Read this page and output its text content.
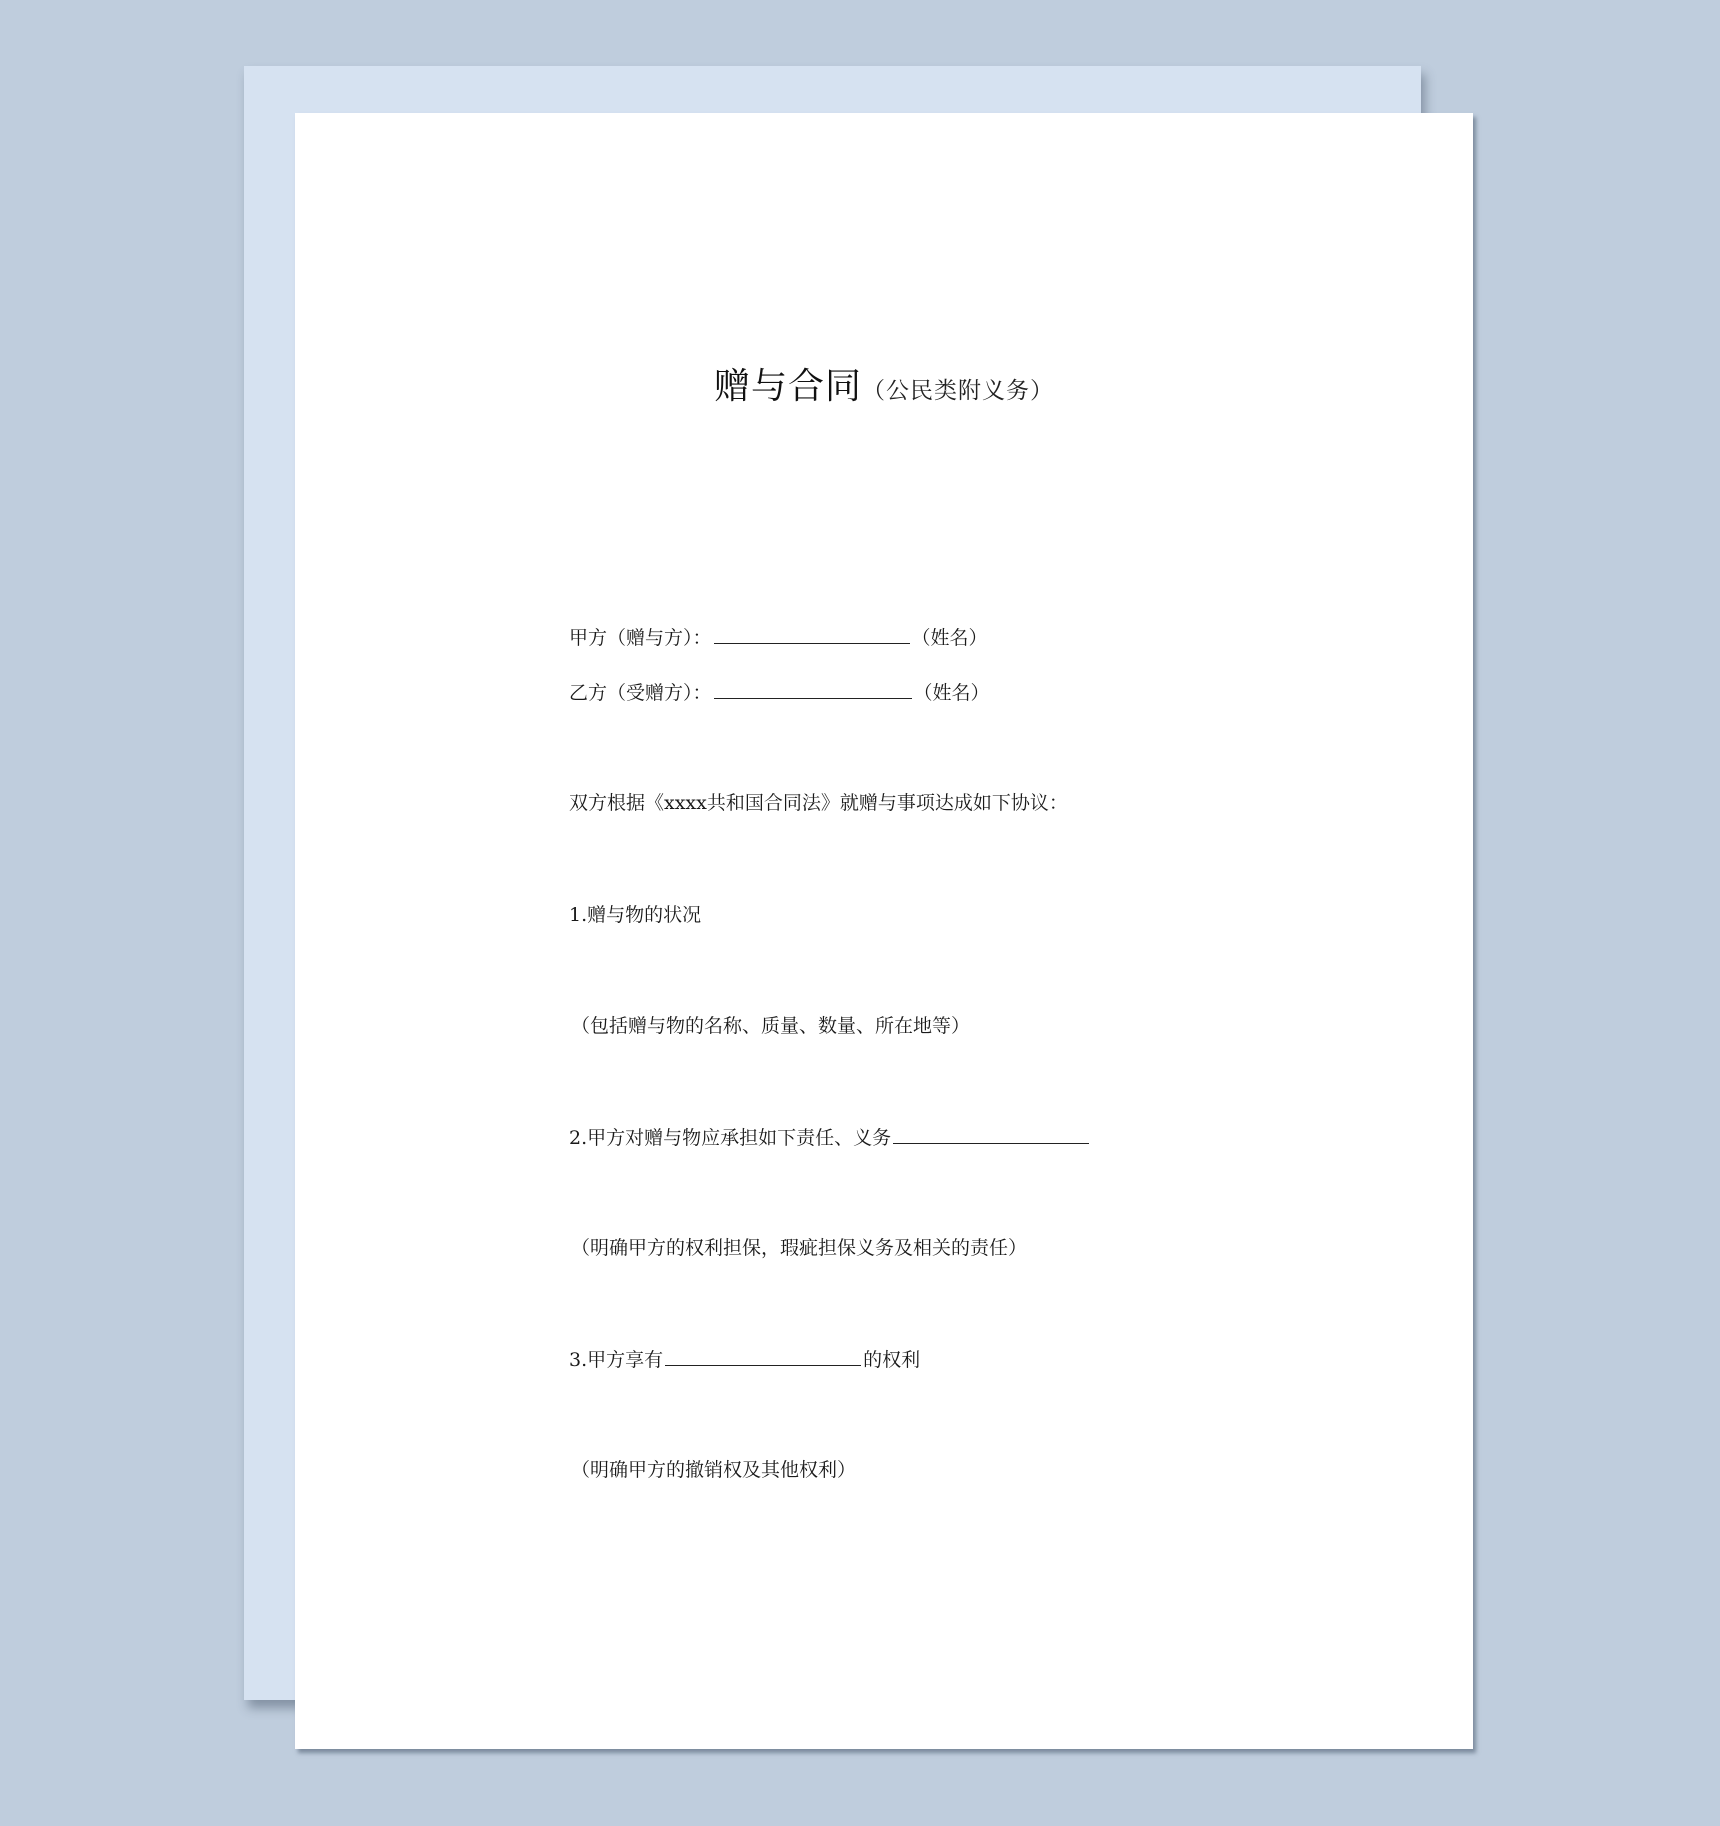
赠与合同（公民类附义务）
甲方（赠与方）：	（姓名）
乙方（受赠方）：	（姓名）
双方根据《xxxx共和国合同法》就赠与事项达成如下协议：
1.赠与物的状况
（包括赠与物的名称、质量、数量、所在地等）
2.甲方对赠与物应承担如下责任、义务
（明确甲方的权利担保，瑕疵担保义务及相关的责任）
3.甲方享有	的权利
（明确甲方的撤销权及其他权利）
